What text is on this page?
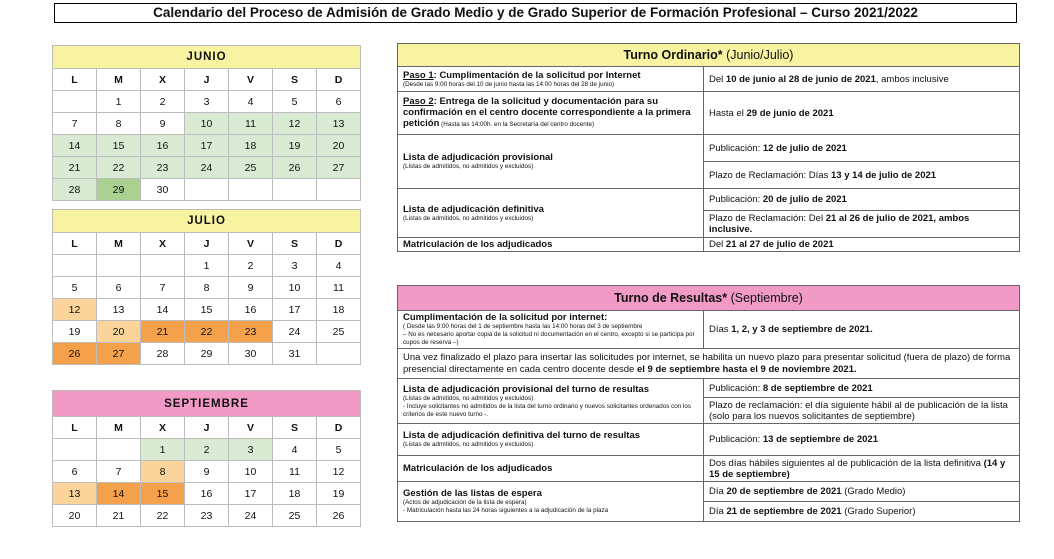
Calendario del Proceso de Admisión de Grado Medio y de Grado Superior de Formación Profesional – Curso 2021/2022
JUNIO						
L	M	X	J	V	S	D
	1	2	3	4	5	6
7	8	9	10	11	12	13
14	15	16	17	18	19	20
21	22	23	24	25	26	27
28	29	30				
JULIO						
L	M	X	J	V	S	D
			1	2	3	4
5	6	7	8	9	10	11
12	13	14	15	16	17	18
19	20	21	22	23	24	25
26	27	28	29	30	31	
SEPTIEMBRE						
L	M	X	J	V	S	D
		1	2	3	4	5
6	7	8	9	10	11	12
13	14	15	16	17	18	19
20	21	22	23	24	25	26
Turno Ordinario* (Junio/Julio)	
Paso 1: Cumplimentación de la solicitud por Internet
(Desde las 9:00 horas del 10 de junio hasta las 14:00 horas del 28 de junio)	Del 10 de junio al 28 de junio de 2021, ambos inclusive
Paso 2: Entrega de la solicitud y documentación para su confirmación en el centro docente correspondiente a la primera petición (Hasta las 14:00h. en la Secretaría del centro docente)	Hasta el 29 de junio de 2021
Lista de adjudicación provisional
(Listas de admitidos, no admitidos y excluidos)	Publicación: 12 de julio de 2021
	Plazo de Reclamación: Días 13 y 14 de julio de 2021
Lista de adjudicación definitiva
(Listas de admitidos, no admitidos y excluidos)	Publicación: 20 de julio de 2021
	Plazo de Reclamación: Del 21 al 26 de julio de 2021, ambos inclusive.
Matriculación de los adjudicados	Del 21 al 27 de julio de 2021
Turno de Resultas* (Septiembre)	
Cumplimentación de la solicitud por internet:
( Desde las 9:00 horas del 1 de septiembre hasta las 14:00 horas del 3 de septiembre
– No es necesario aportar copia de la solicitud ni documentación en el centro, excepto si se participa por cupos de reserva –)	Días 1, 2, y 3 de septiembre de 2021.
Una vez finalizado el plazo para insertar las solicitudes por internet, se habilita un nuevo plazo para presentar solicitud (fuera de plazo) de forma presencial directamente en cada centro docente desde el 9 de septiembre hasta el 9 de noviembre 2021.	
Lista de adjudicación provisional del turno de resultas
(Listas de admitidos, no admitidos y excluidos)
- Incluye solicitantes no admitidos de la lista del turno ordinario y nuevos solicitantes ordenados con los criterios de este nuevo turno -.	Publicación: 8 de septiembre de 2021
	Plazo de reclamación: el día siguiente hábil al de publicación de la lista (solo para los nuevos solicitantes de septiembre)
Lista de adjudicación definitiva del turno de resultas
(Listas de admitidos, no admitidos y excluidos)	Publicación: 13 de septiembre de 2021
Matriculación de los adjudicados	Dos días hábiles siguientes al de publicación de la lista definitiva (14 y 15 de septiembre)
Gestión de las listas de espera
(Actos de adjudicación de la lista de espera)
- Matriculación hasta las 24 horas siguientes a la adjudicación de la plaza	Día 20 de septiembre de 2021 (Grado Medio)
	Día 21 de septiembre de 2021 (Grado Superior)
